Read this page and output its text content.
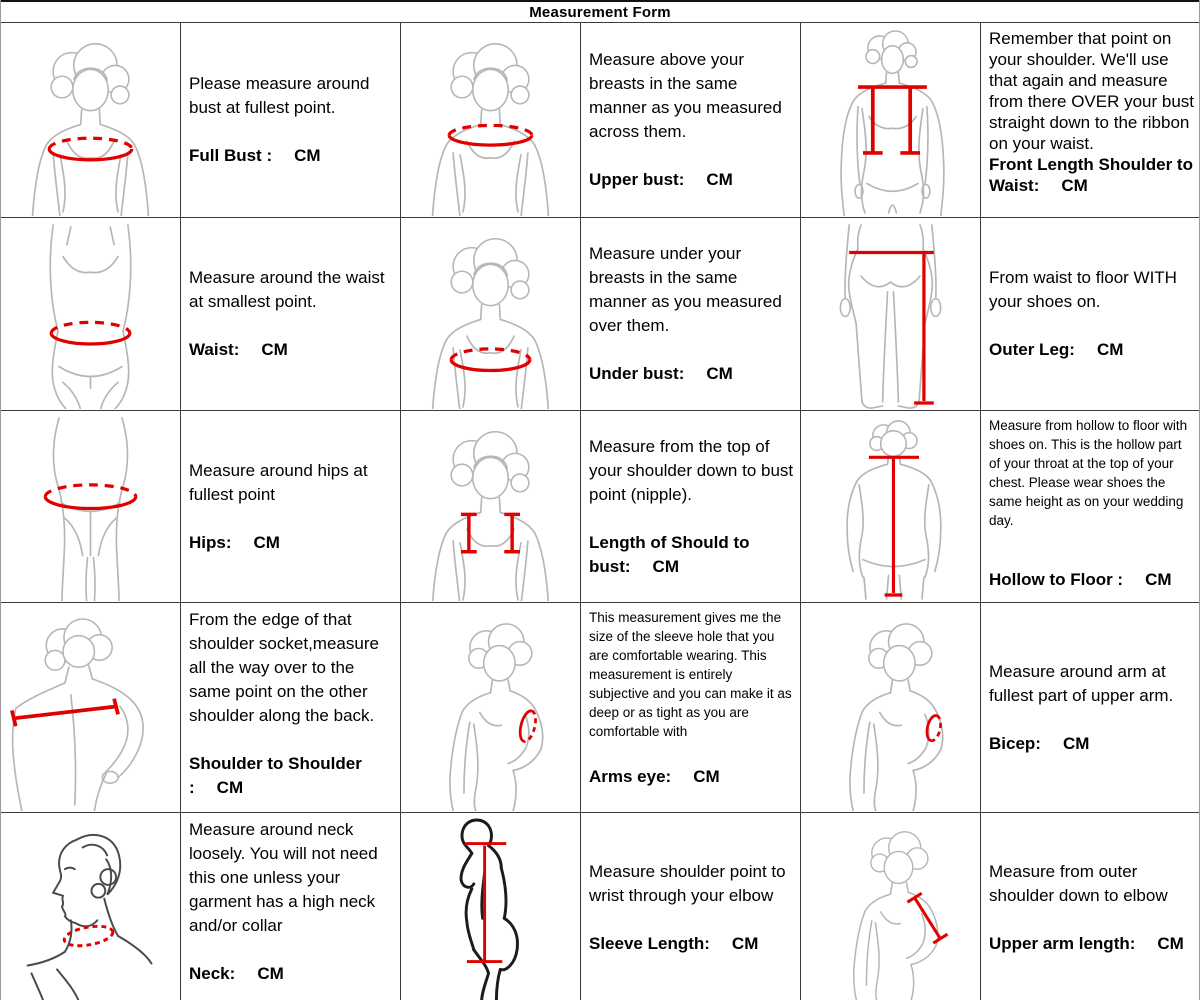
Measurement Form
Please measure around bust at fullest point.
Full Bust : CM
Measure above your breasts in the same manner as you measured across them.
Upper bust: CM
Remember that point on your shoulder. We'll use that again and measure from there OVER your bust straight down to the ribbon on your waist.
Front Length Shoulder to Waist: CM
Measure around the waist at smallest point.
Waist: CM
Measure under your breasts in the same manner as you measured over them.
Under bust: CM
From waist to floor WITH your shoes on.
Outer Leg: CM
Measure around hips at fullest point
Hips: CM
Measure from the top of your shoulder down to bust point (nipple).
Length of Should to bust: CM
Measure from hollow to floor with shoes on. This is the hollow part of your throat at the top of your chest. Please wear shoes the same height as on your wedding day.
Hollow to Floor : CM
From the edge of that shoulder socket,measure all the way over to the same point on the other shoulder along the back.
Shoulder to Shoulder : CM
This measurement gives me the size of the sleeve hole that you are comfortable wearing. This measurement is entirely subjective and you can make it as deep or as tight as you are comfortable with
Arms eye: CM
Measure around arm at fullest part of upper arm.
Bicep: CM
Measure around neck loosely. You will not need this one unless your garment has a high neck and/or collar
Neck: CM
Measure shoulder point to wrist through your elbow
Sleeve Length: CM
Measure from outer shoulder down to elbow
Upper arm length: CM
